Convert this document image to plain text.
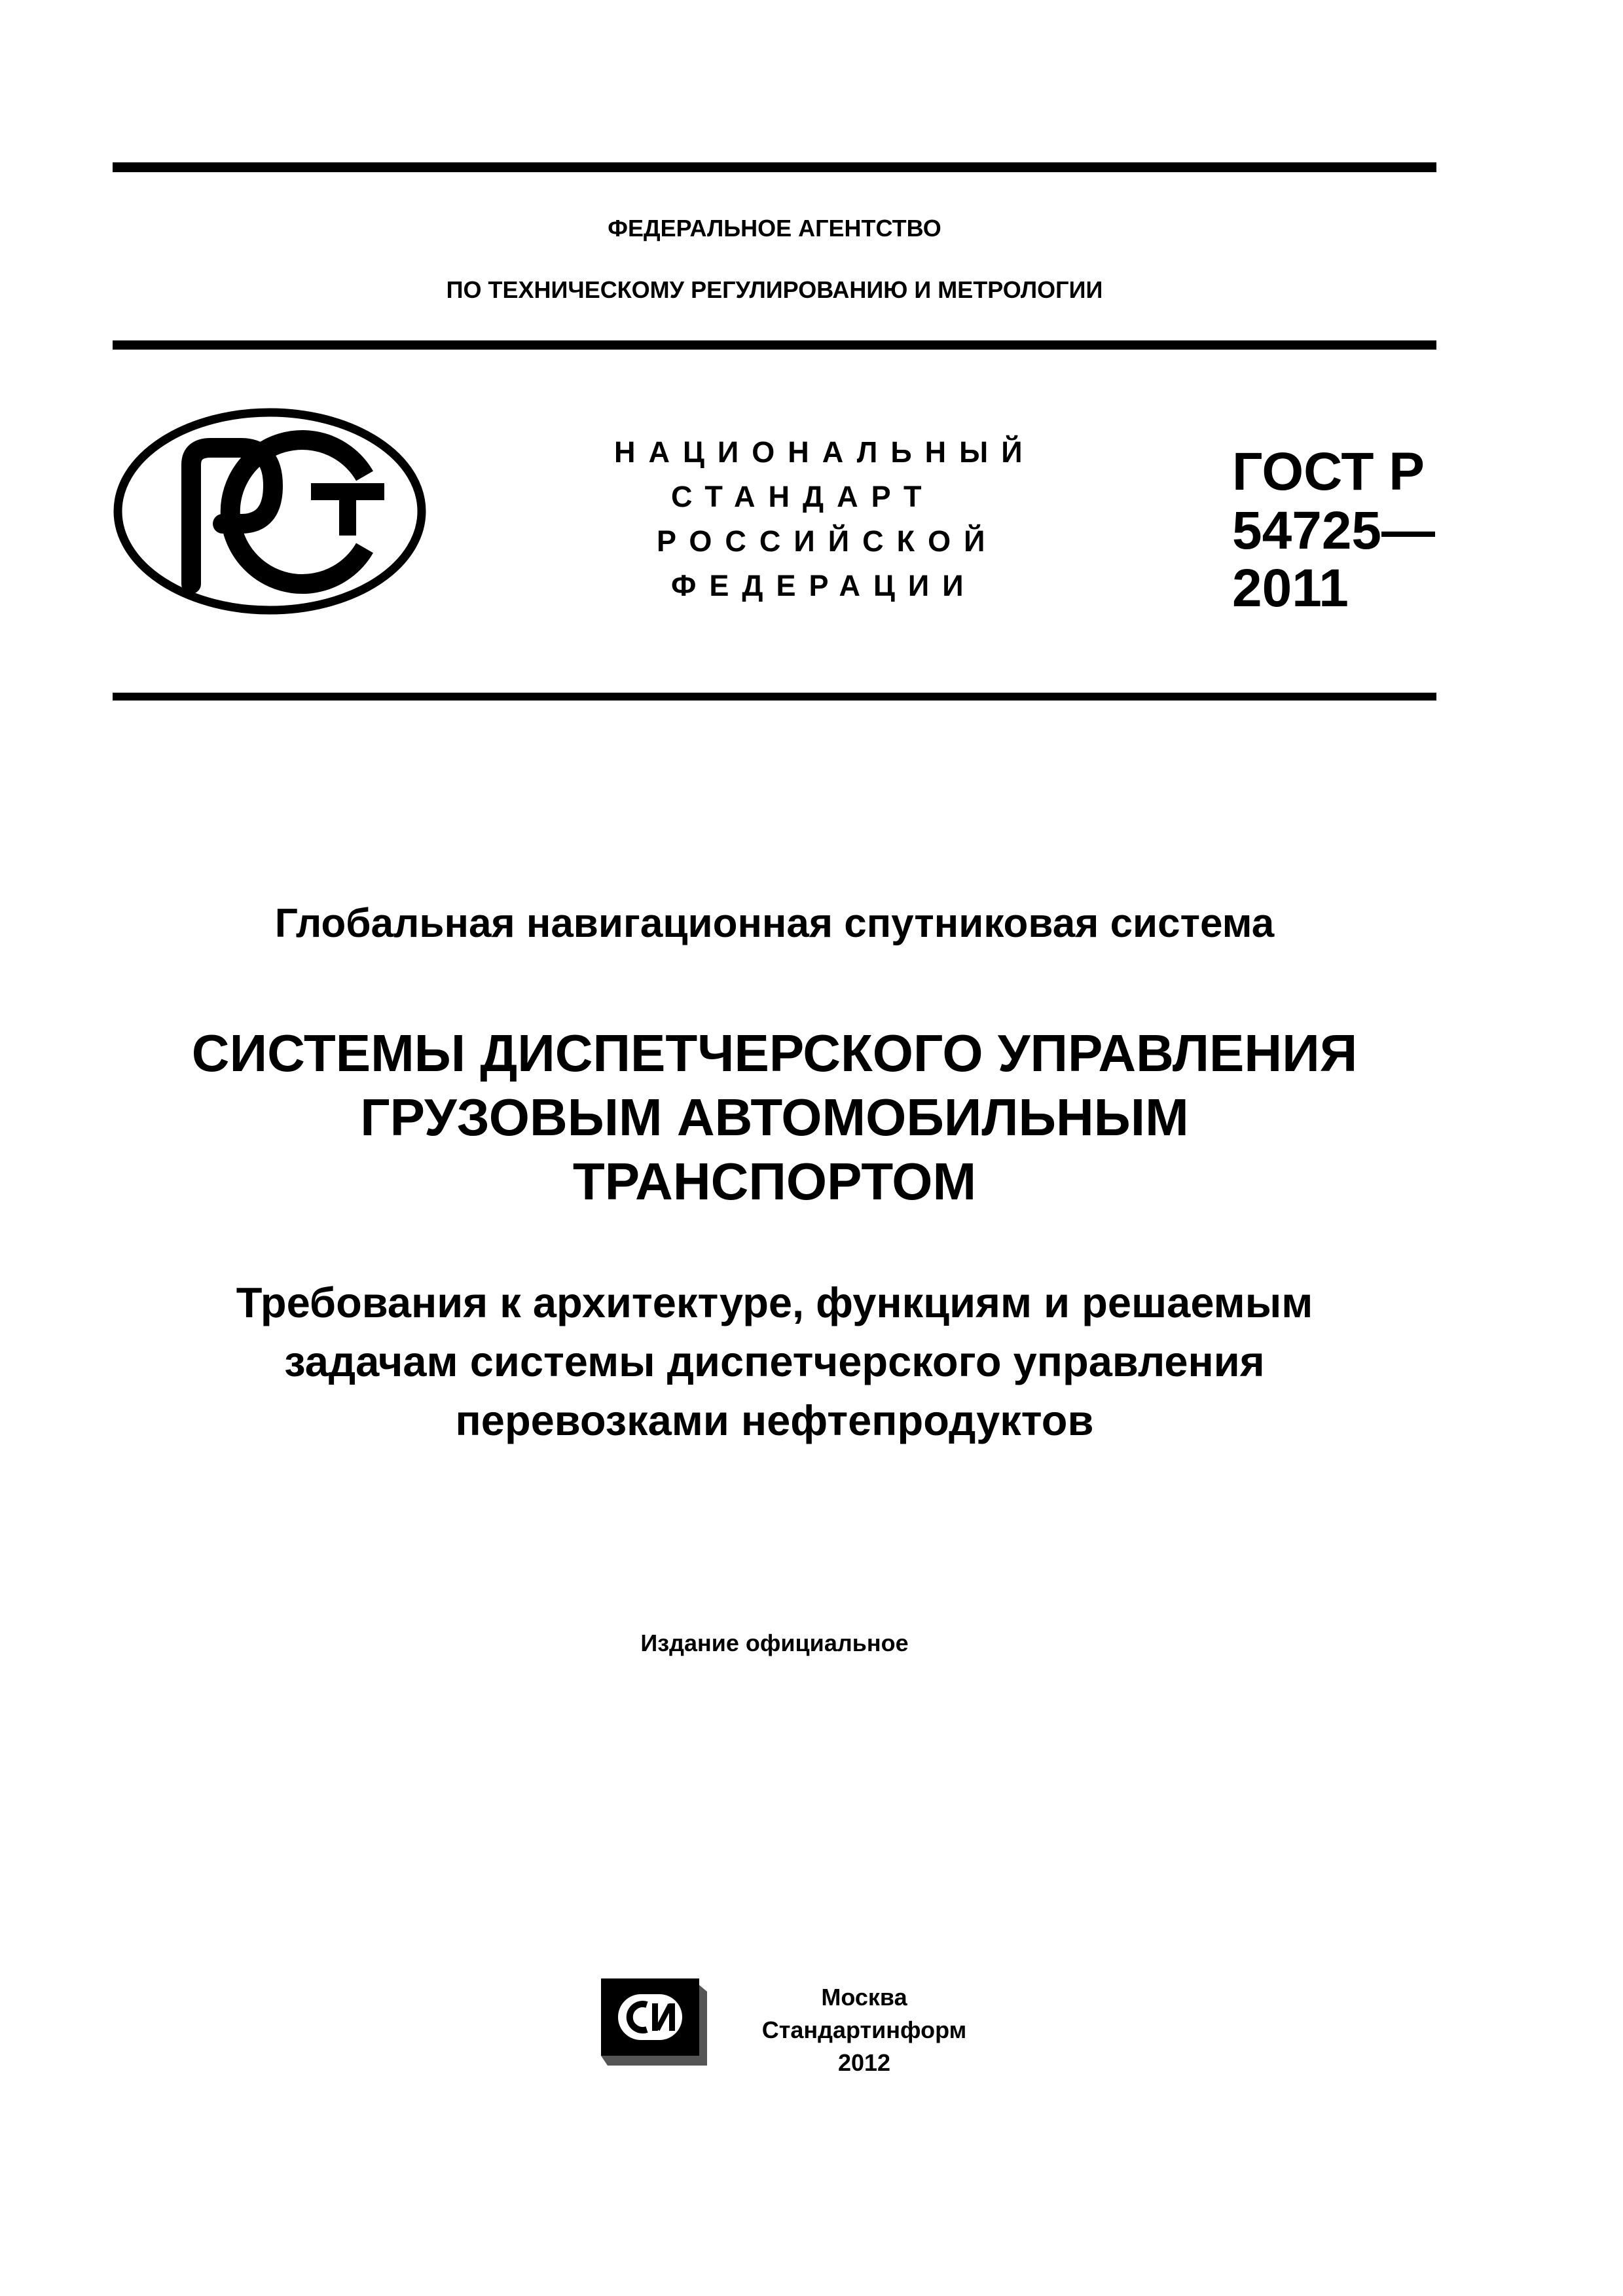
ФЕДЕРАЛЬНОЕ АГЕНТСТВО
ПО ТЕХНИЧЕСКОМУ РЕГУЛИРОВАНИЮ И МЕТРОЛОГИИ
НАЦИОНАЛЬНЫЙ
СТАНДАРТ
РОССИЙСКОЙ
ФЕДЕРАЦИИ
ГОСТ Р
54725—
2011
Глобальная навигационная спутниковая система
СИСТЕМЫ ДИСПЕТЧЕРСКОГО УПРАВЛЕНИЯ
ГРУЗОВЫМ АВТОМОБИЛЬНЫМ
ТРАНСПОРТОМ
Требования к архитектуре, функциям и решаемым
задачам системы диспетчерского управления
перевозками нефтепродуктов
Издание официальное
Москва
Стандартинформ
2012
